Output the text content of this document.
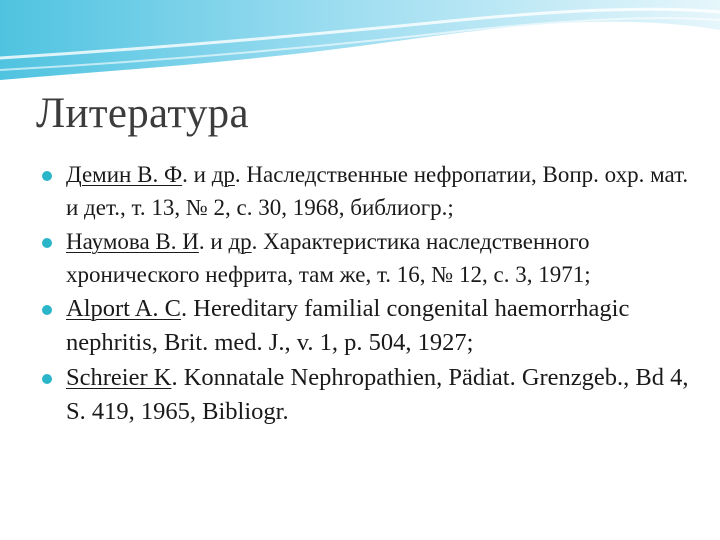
Литература
Демин В. Ф. и др. Наследственные нефропатии, Вопр. охр. мат. и дет., т. 13, № 2, с. 30, 1968, библиогр.;
Наумова В. И. и др. Характеристика наследственного хронического нефрита, там же, т. 16, № 12, с. 3, 1971;
Alport A. C. Hereditary familial congenital haemorrhagic nephritis, Brit. med. J., v. 1, p. 504, 1927;
Schreier K. Konnatale Nephropathien, Pädiat. Grenzgeb., Bd 4, S. 419, 1965, Bibliogr.
